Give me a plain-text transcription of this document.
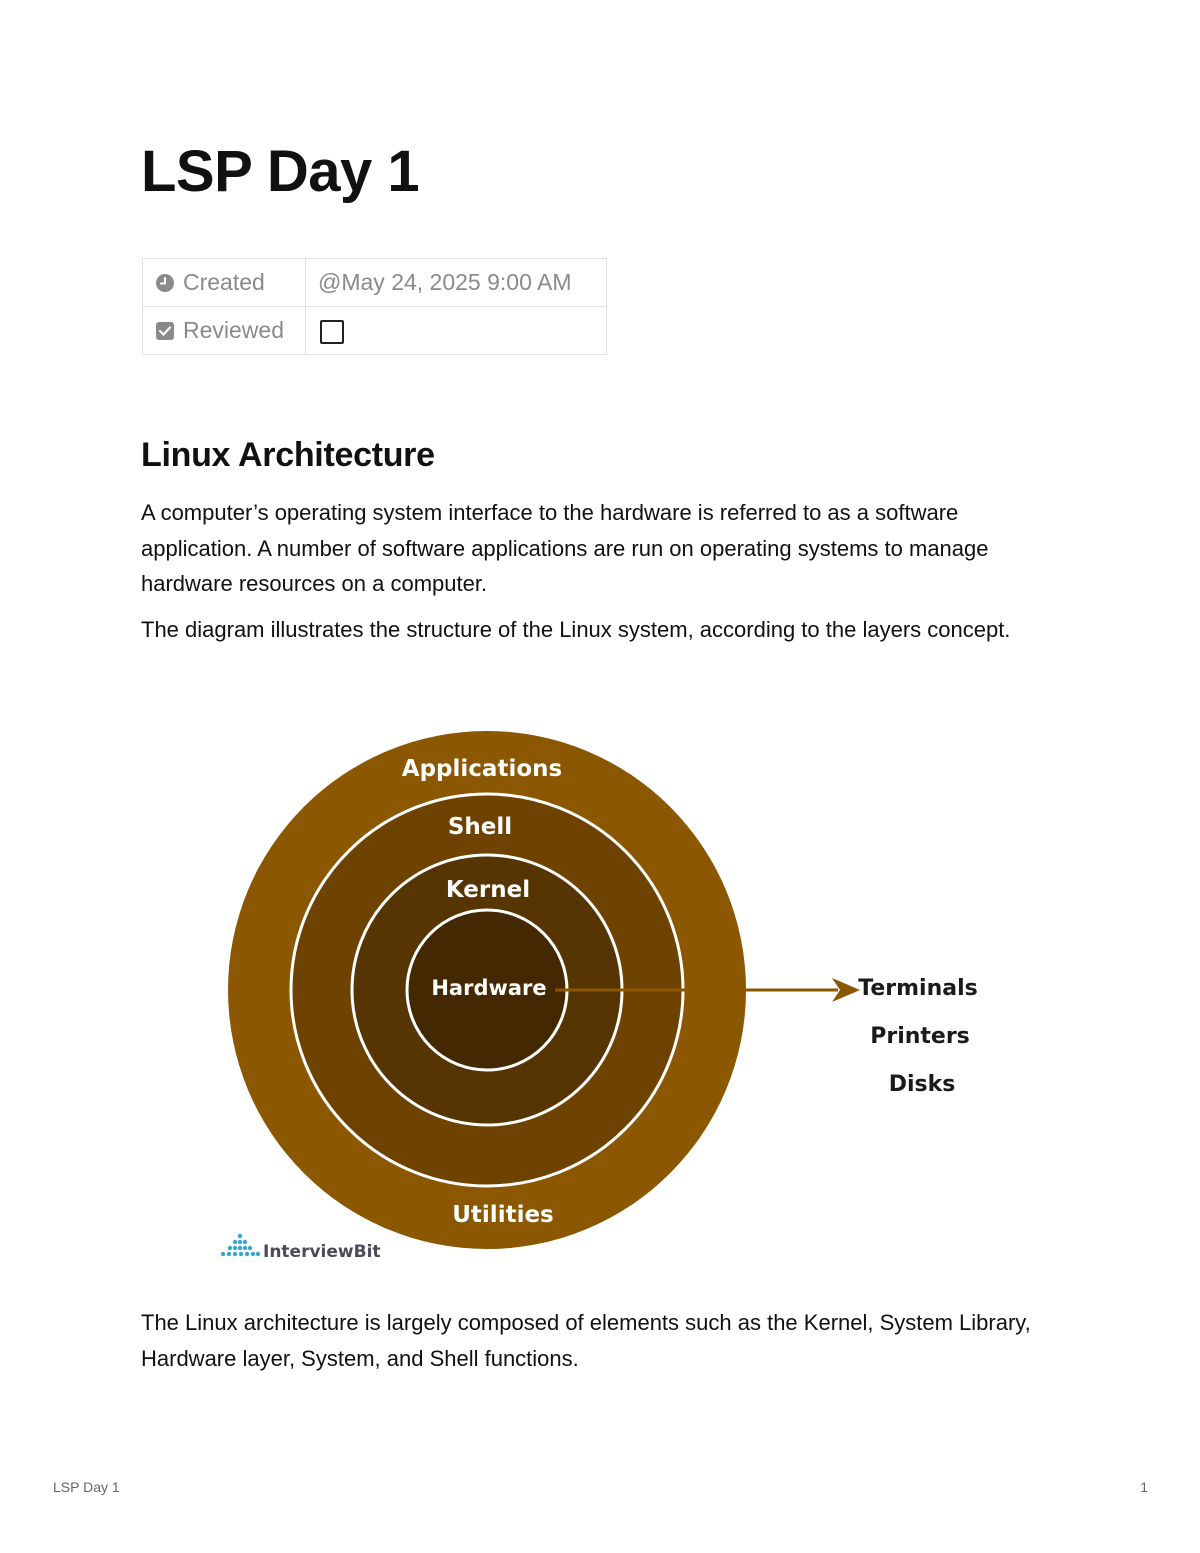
LSP Day 1
Created	@May 24, 2025 9:00 AM
Reviewed	
Linux Architecture

A computer’s operating system interface to the hardware is referred to as a software application. A number of software applications are run on operating systems to manage hardware resources on a computer.

The diagram illustrates the structure of the Linux system, according to the layers concept.

Applications
Shell
Kernel
Hardware
Utilities
Terminals
Printers
Disks
InterviewBit

The Linux architecture is largely composed of elements such as the Kernel, System Library, Hardware layer, System, and Shell functions.

LSP Day 1	1
